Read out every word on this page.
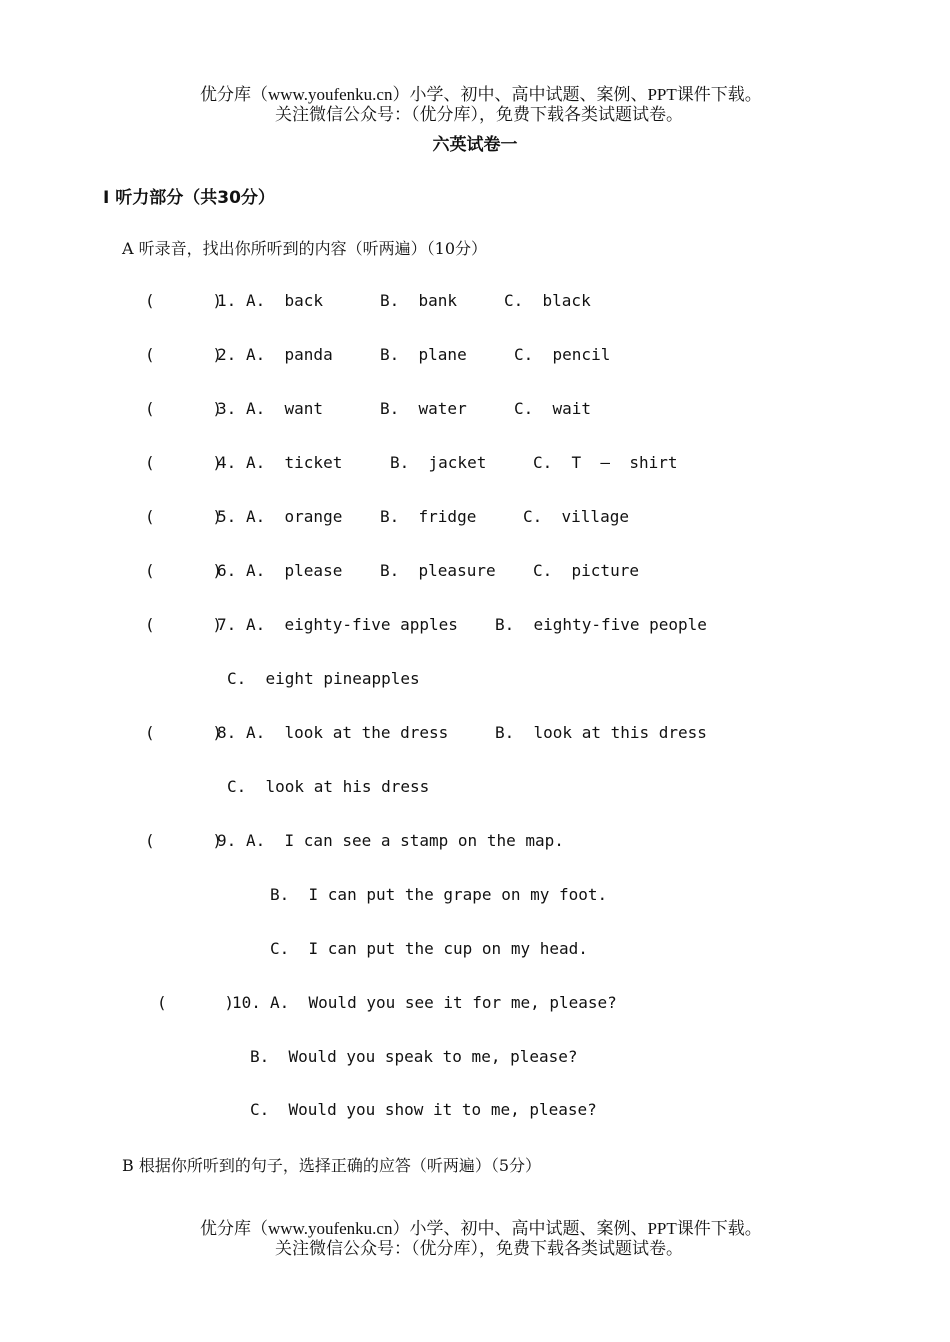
优分库（www.youfenku.cn）小学、初中、高中试题、案例、PPT课件下载。
关注微信公众号：（优分库），免费下载各类试题试卷。
六英试卷一
I 听力部分（共30分）
A 听录音，找出你所听到的内容（听两遍）（10分）
(      )
1. A.  back	B.  bank	C.  black
(      )
2. A.  panda	B.  plane	C.  pencil
(      )
3. A.  want	B.  water	C.  wait
(      )
4. A.  ticket	B.  jacket	C.  T  –  shirt
(      )
5. A.  orange B.  fridge	C.  village
(      )
6. A.  please B.  pleasure C.  picture
(      )
7. A.  eighty-five apples B.  eighty-five people
C.  eight pineapples
(      )
8. A.  look at the dress	B.  look at this dress
C.  look at his dress
(      )
9. A.  I can see a stamp on the map.
B.  I can put the grape on my foot.
C.  I can put the cup on my head.
(      )
10. A.  Would you see it for me, please?
B.  Would you speak to me, please?
C.  Would you show it to me, please?
B 根据你所听到的句子，选择正确的应答（听两遍）（5分）
优分库（www.youfenku.cn）小学、初中、高中试题、案例、PPT课件下载。
关注微信公众号：（优分库），免费下载各类试题试卷。
